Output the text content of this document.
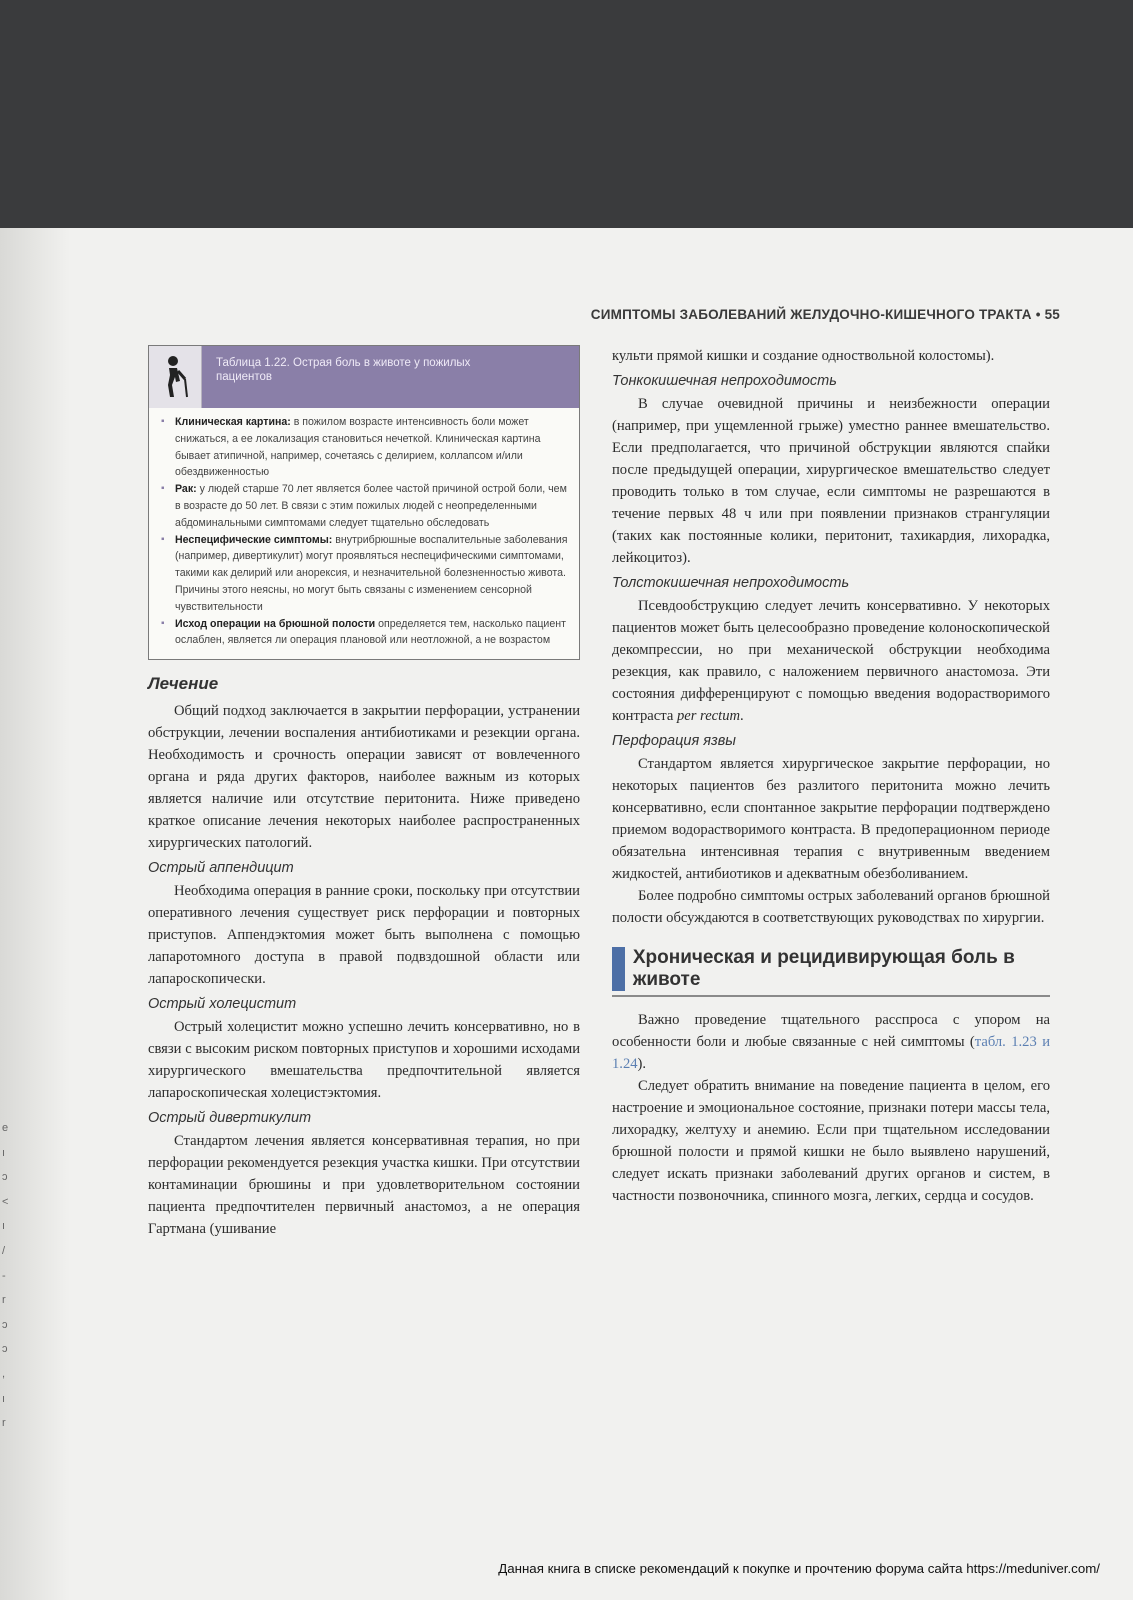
СИМПТОМЫ ЗАБОЛЕВАНИЙ ЖЕЛУДОЧНО-КИШЕЧНОГО ТРАКТА • 55
Таблица 1.22. Острая боль в животе у пожилых
пациентов
▪ Клиническая картина: в пожилом возрасте интенсивность боли может снижаться, а ее локализация становиться нечеткой. Клиническая картина бывает атипичной, например, сочетаясь с делирием, коллапсом и/или обездвиженностью
▪ Рак: у людей старше 70 лет является более частой причиной острой боли, чем в возрасте до 50 лет. В связи с этим пожилых людей с неопределенными абдоминальными симптомами следует тщательно обследовать
▪ Неспецифические симптомы: внутрибрюшные воспалительные заболевания (например, дивертикулит) могут проявляться неспецифическими симптомами, такими как делирий или анорексия, и незначительной болезненностью живота. Причины этого неясны, но могут быть связаны с изменением сенсорной чувствительности
▪ Исход операции на брюшной полости определяется тем, насколько пациент ослаблен, является ли операция плановой или неотложной, а не возрастом
Лечение

Общий подход заключается в закрытии перфорации, устранении обструкции, лечении воспаления антибиотиками и резекции органа. Необходимость и срочность операции зависят от вовлеченного органа и ряда других факторов, наиболее важным из которых является наличие или отсутствие перитонита. Ниже приведено краткое описание лечения некоторых наиболее распространенных хирургических патологий.

Острый аппендицит

Необходима операция в ранние сроки, поскольку при отсутствии оперативного лечения существует риск перфорации и повторных приступов. Аппендэктомия может быть выполнена с помощью лапаротомного доступа в правой подвздошной области или лапароскопически.

Острый холецистит

Острый холецистит можно успешно лечить консервативно, но в связи с высоким риском повторных приступов и хорошими исходами хирургического вмешательства предпочтительной является лапароскопическая холецистэктомия.

Острый дивертикулит

Стандартом лечения является консервативная терапия, но при перфорации рекомендуется резекция участка кишки. При отсутствии контаминации брюшины и при удовлетворительном состоянии пациента предпочтителен первичный анастомоз, а не операция Гартмана (ушивание

культи прямой кишки и создание одноствольной колостомы).

Тонкокишечная непроходимость

В случае очевидной причины и неизбежности операции (например, при ущемленной грыже) уместно раннее вмешательство. Если предполагается, что причиной обструкции являются спайки после предыдущей операции, хирургическое вмешательство следует проводить только в том случае, если симптомы не разрешаются в течение первых 48 ч или при появлении признаков странгуляции (таких как постоянные колики, перитонит, тахикардия, лихорадка, лейкоцитоз).

Толстокишечная непроходимость

Псевдообструкцию следует лечить консервативно. У некоторых пациентов может быть целесообразно проведение колоноскопической декомпрессии, но при механической обструкции необходима резекция, как правило, с наложением первичного анастомоза. Эти состояния дифференцируют с помощью введения водорастворимого контраста per rectum.

Перфорация язвы

Стандартом является хирургическое закрытие перфорации, но некоторых пациентов без разлитого перитонита можно лечить консервативно, если спонтанное закрытие перфорации подтверждено приемом водорастворимого контраста. В предоперационном периоде обязательна интенсивная терапия с внутривенным введением жидкостей, антибиотиков и адекватным обезболиванием.

Более подробно симптомы острых заболеваний органов брюшной полости обсуждаются в соответствующих руководствах по хирургии.

Хроническая и рецидивирующая боль в животе

Важно проведение тщательного расспроса с упором на особенности боли и любые связанные с ней симптомы (табл. 1.23 и 1.24).

Следует обратить внимание на поведение пациента в целом, его настроение и эмоциональное состояние, признаки потери массы тела, лихорадку, желтуху и анемию. Если при тщательном исследовании брюшной полости и прямой кишки не было выявлено нарушений, следует искать признаки заболеваний других органов и систем, в частности позвоночника, спинного мозга, легких, сердца и сосудов.

e
ı
ɔ
<
ı
/
-
r
ɔ
ɔ
,
ı
r
Данная книга в списке рекомендаций к покупке и прочтению форума сайта https://meduniver.com/
